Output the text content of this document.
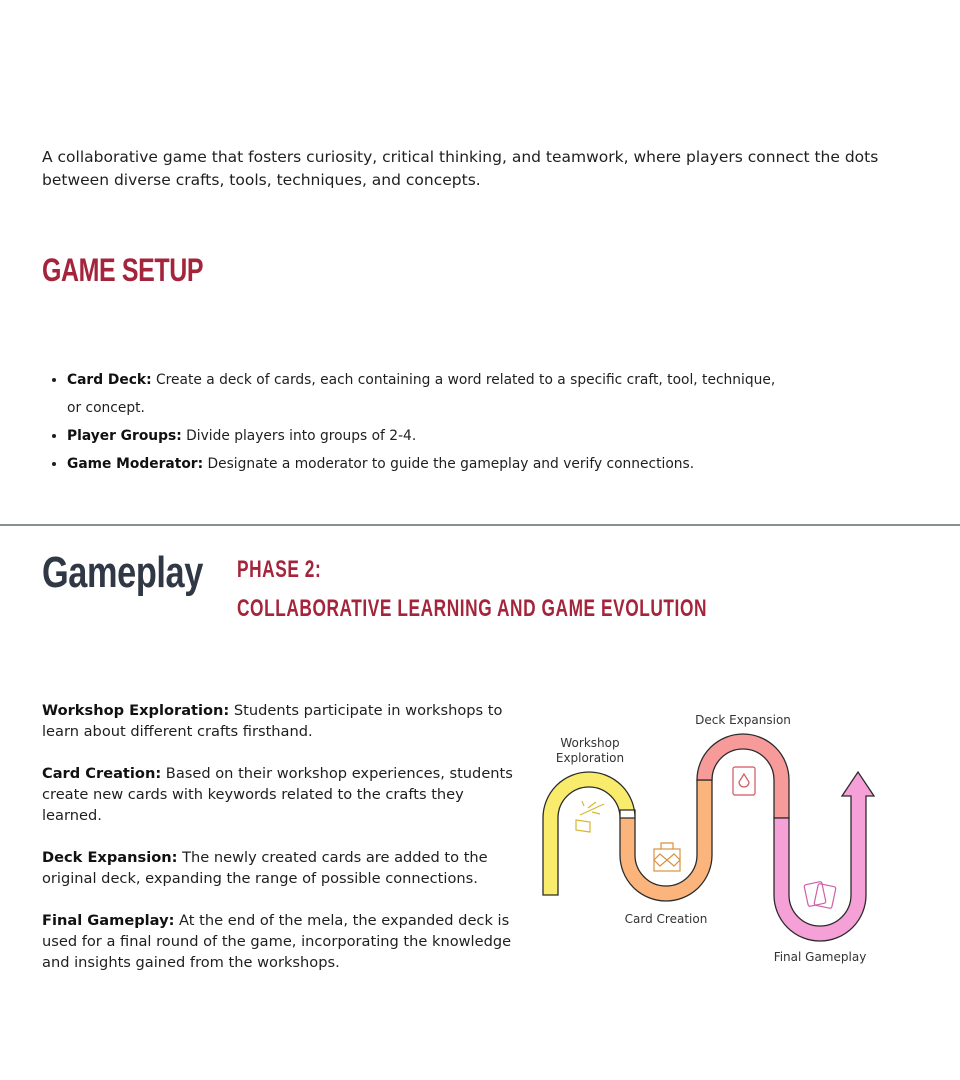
A collaborative game that fosters curiosity, critical thinking, and teamwork, where players connect the dots between diverse crafts, tools, techniques, and concepts.
GAME SETUP
• Card Deck: Create a deck of cards, each containing a word related to a specific craft, tool, technique, or concept.
• Player Groups: Divide players into groups of 2-4.
• Game Moderator: Designate a moderator to guide the gameplay and verify connections.
Gameplay PHASE 2:
COLLABORATIVE LEARNING AND GAME EVOLUTION

Workshop Exploration: Students participate in workshops to learn about different crafts firsthand.

Card Creation: Based on their workshop experiences, students create new cards with keywords related to the crafts they learned.

Deck Expansion: The newly created cards are added to the original deck, expanding the range of possible connections.

Final Gameplay: At the end of the mela, the expanded deck is used for a final round of the game, incorporating the knowledge and insights gained from the workshops.

Workshop
Exploration
Card Creation
Deck Expansion
Final Gameplay
